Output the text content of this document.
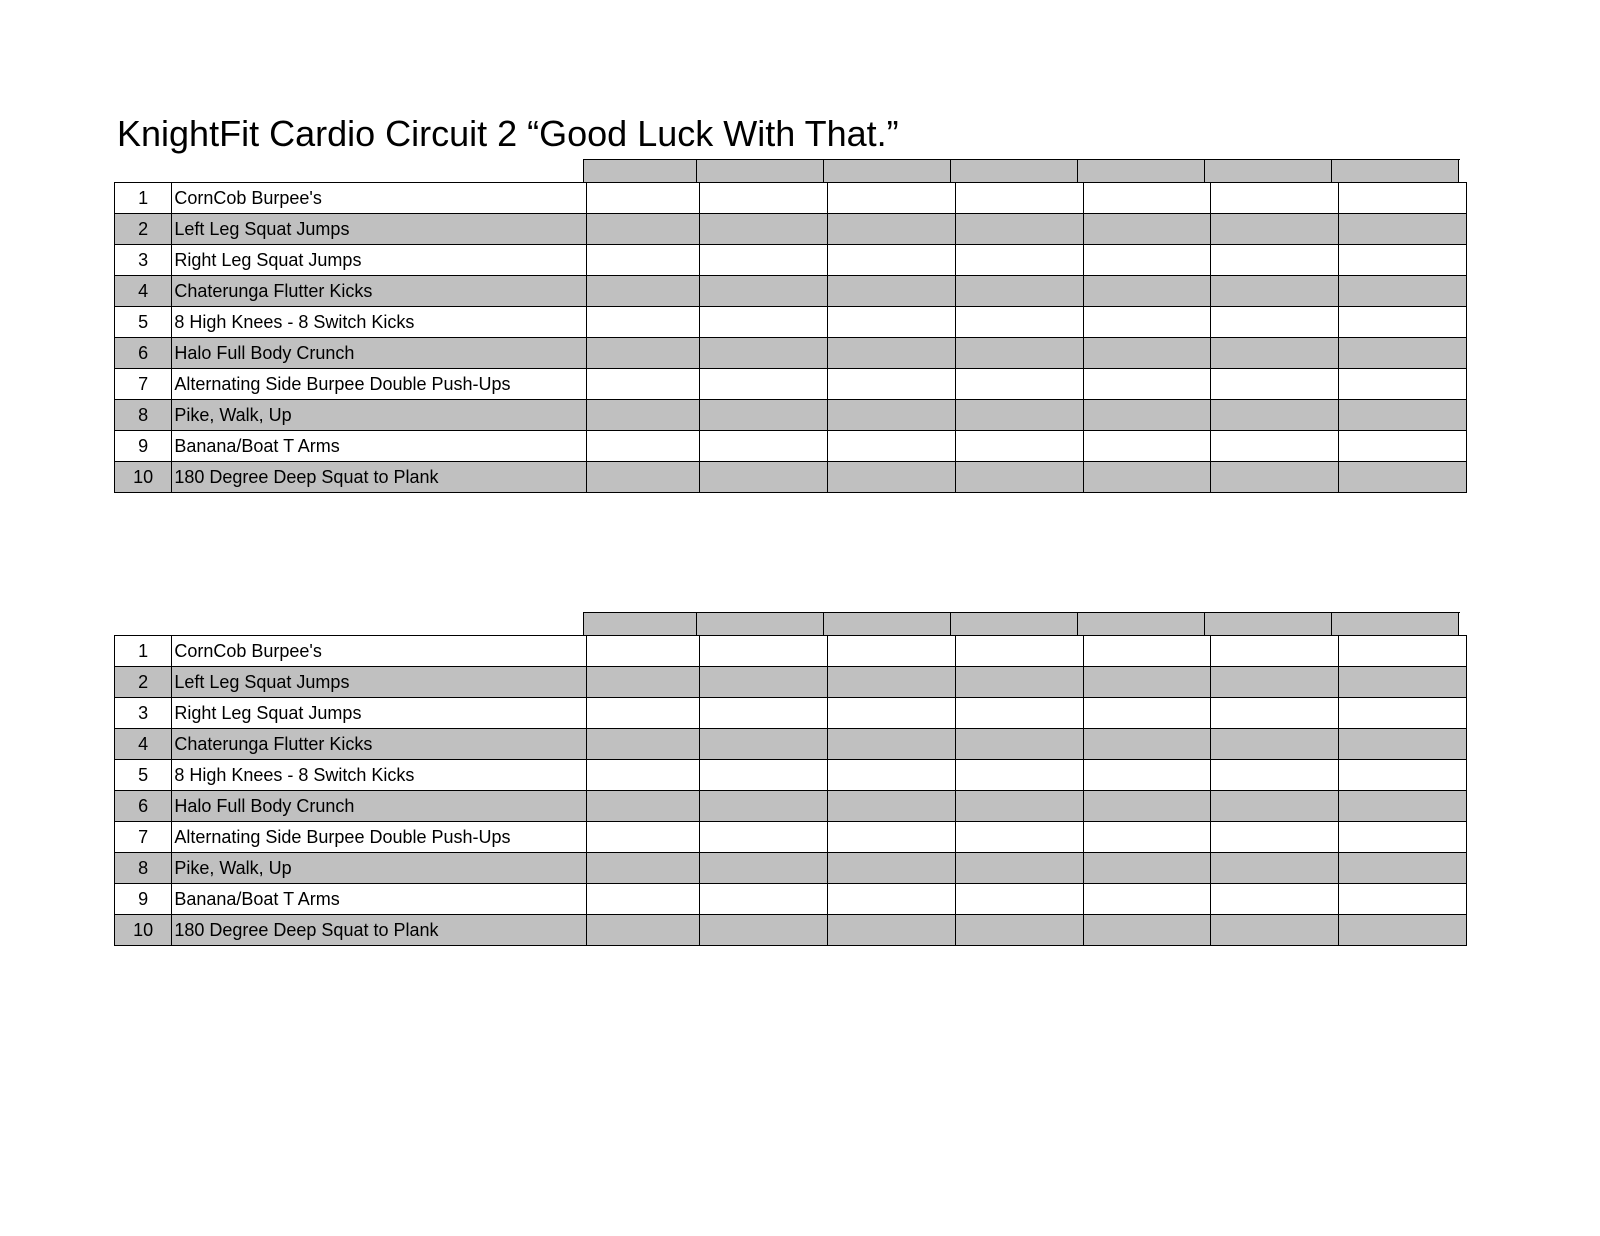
KnightFit Cardio Circuit 2 “Good Luck With That.”
1	CornCob Burpee's							
2	Left Leg Squat Jumps							
3	Right Leg Squat Jumps							
4	Chaterunga Flutter Kicks							
5	8 High Knees - 8 Switch Kicks							
6	Halo Full Body Crunch							
7	Alternating Side Burpee Double Push-Ups							
8	Pike, Walk, Up							
9	Banana/Boat T Arms							
10	180 Degree Deep Squat to Plank							
1	CornCob Burpee's							
2	Left Leg Squat Jumps							
3	Right Leg Squat Jumps							
4	Chaterunga Flutter Kicks							
5	8 High Knees - 8 Switch Kicks							
6	Halo Full Body Crunch							
7	Alternating Side Burpee Double Push-Ups							
8	Pike, Walk, Up							
9	Banana/Boat T Arms							
10	180 Degree Deep Squat to Plank							
